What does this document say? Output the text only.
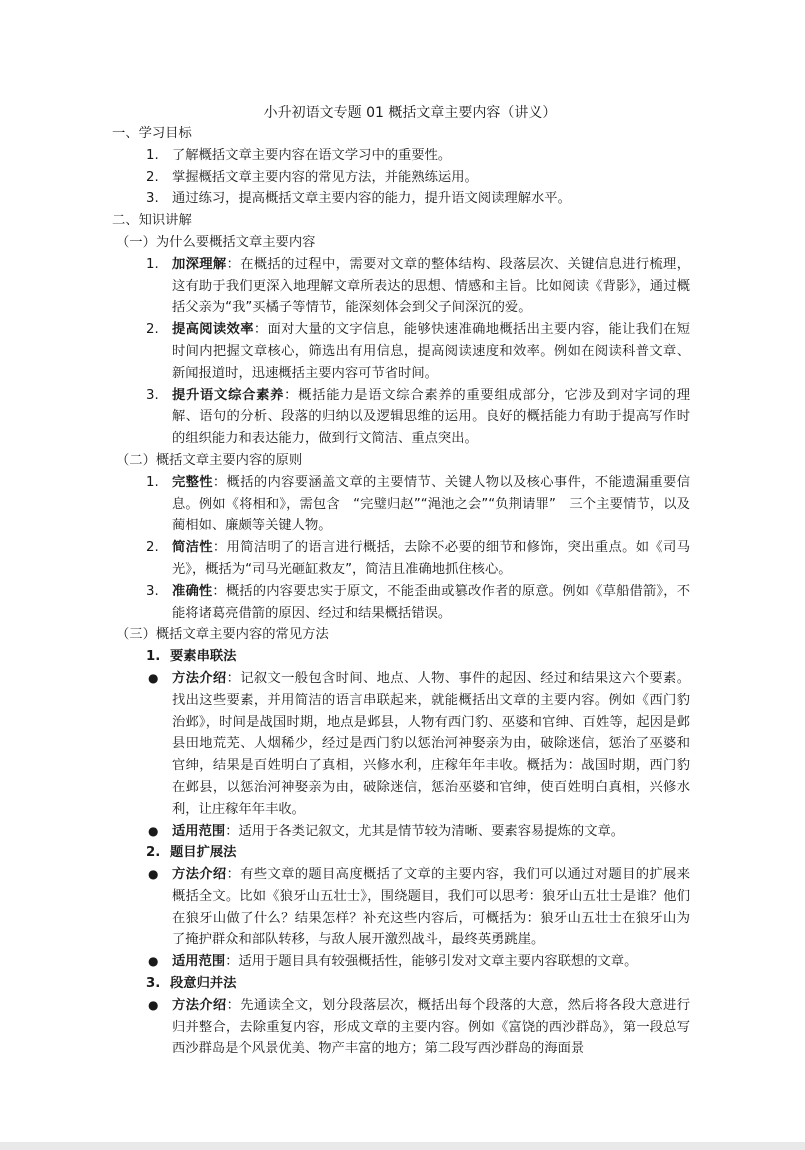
小升初语文专题 01 概括文章主要内容（讲义）
一、学习目标
1. 了解概括文章主要内容在语文学习中的重要性。
2. 掌握概括文章主要内容的常见方法，并能熟练运用。
3. 通过练习，提高概括文章主要内容的能力，提升语文阅读理解水平。
二、知识讲解
（一）为什么要概括文章主要内容
1. 加深理解：在概括的过程中，需要对文章的整体结构、段落层次、关键信息进行梳理，这有助于我们更深入地理解文章所表达的思想、情感和主旨。比如阅读《背影》，通过概括父亲为“我”买橘子等情节，能深刻体会到父子间深沉的爱。
2. 提高阅读效率：面对大量的文字信息，能够快速准确地概括出主要内容，能让我们在短时间内把握文章核心，筛选出有用信息，提高阅读速度和效率。例如在阅读科普文章、新闻报道时，迅速概括主要内容可节省时间。
3. 提升语文综合素养：概括能力是语文综合素养的重要组成部分，它涉及到对字词的理解、语句的分析、段落的归纳以及逻辑思维的运用。良好的概括能力有助于提高写作时的组织能力和表达能力，做到行文简洁、重点突出。
（二）概括文章主要内容的原则
1. 完整性：概括的内容要涵盖文章的主要情节、关键人物以及核心事件，不能遗漏重要信息。例如《将相和》，需包含　“完璧归赵”“渑池之会”“负荆请罪”　三个主要情节，以及蔺相如、廉颇等关键人物。
2. 简洁性：用简洁明了的语言进行概括，去除不必要的细节和修饰，突出重点。如《司马光》，概括为“司马光砸缸救友”，简洁且准确地抓住核心。
3. 准确性：概括的内容要忠实于原文，不能歪曲或篡改作者的原意。例如《草船借箭》，不能将诸葛亮借箭的原因、经过和结果概括错误。
（三）概括文章主要内容的常见方法
1. 要素串联法
● 方法介绍：记叙文一般包含时间、地点、人物、事件的起因、经过和结果这六个要素。找出这些要素，并用简洁的语言串联起来，就能概括出文章的主要内容。例如《西门豹治邺》，时间是战国时期，地点是邺县，人物有西门豹、巫婆和官绅、百姓等，起因是邺县田地荒芜、人烟稀少，经过是西门豹以惩治河神娶亲为由，破除迷信，惩治了巫婆和官绅，结果是百姓明白了真相，兴修水利，庄稼年年丰收。概括为：战国时期，西门豹在邺县，以惩治河神娶亲为由，破除迷信，惩治巫婆和官绅，使百姓明白真相，兴修水利，让庄稼年年丰收。
● 适用范围：适用于各类记叙文，尤其是情节较为清晰、要素容易提炼的文章。
2. 题目扩展法
● 方法介绍：有些文章的题目高度概括了文章的主要内容，我们可以通过对题目的扩展来概括全文。比如《狼牙山五壮士》，围绕题目，我们可以思考：狼牙山五壮士是谁？他们在狼牙山做了什么？结果怎样？补充这些内容后，可概括为：狼牙山五壮士在狼牙山为了掩护群众和部队转移，与敌人展开激烈战斗，最终英勇跳崖。
● 适用范围：适用于题目具有较强概括性，能够引发对文章主要内容联想的文章。
3. 段意归并法
● 方法介绍：先通读全文，划分段落层次，概括出每个段落的大意，然后将各段大意进行归并整合，去除重复内容，形成文章的主要内容。例如《富饶的西沙群岛》，第一段总写西沙群岛是个风景优美、物产丰富的地方；第二段写西沙群岛的海面景
